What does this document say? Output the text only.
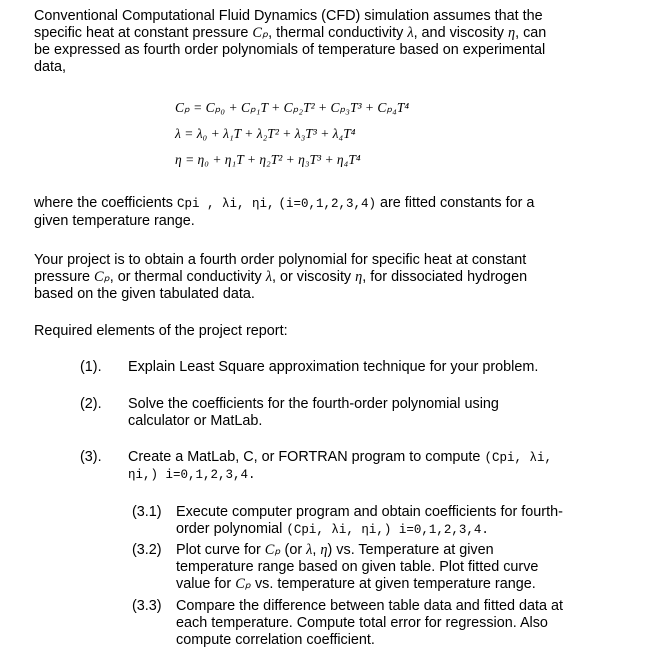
Conventional Computational Fluid Dynamics (CFD) simulation assumes that the
specific heat at constant pressure Cₚ, thermal conductivity λ, and viscosity η, can
be expressed as fourth order polynomials of temperature based on experimental
data,
Cₚ = Cₚ₀ + Cₚ₁T + Cₚ₂T² + Cₚ₃T³ + Cₚ₄T⁴
λ = λ₀ + λ₁T + λ₂T² + λ₃T³ + λ₄T⁴
η = η₀ + η₁T + η₂T² + η₃T³ + η₄T⁴
where the coefficients Cpi , λi, ηi, (i=0,1,2,3,4) are fitted constants for a
given temperature range.
Your project is to obtain a fourth order polynomial for specific heat at constant
pressure Cₚ, or thermal conductivity λ, or viscosity η, for dissociated hydrogen
based on the given tabulated data.
Required elements of the project report:
(1).	Explain Least Square approximation technique for your problem.
(2).	Solve the coefficients for the fourth-order polynomial using
calculator or MatLab.
(3).	Create a MatLab, C, or FORTRAN program to compute (Cpi, λi,
ηi,) i=0,1,2,3,4.
(3.1)	Execute computer program and obtain coefficients for fourth-
order polynomial (Cpi, λi, ηi,) i=0,1,2,3,4.
(3.2)	Plot curve for Cₚ (or λ, η) vs. Temperature at given
temperature range based on given table. Plot fitted curve
value for Cₚ vs. temperature at given temperature range.
(3.3)	Compare the difference between table data and fitted data at
each temperature. Compute total error for regression. Also
compute correlation coefficient.
